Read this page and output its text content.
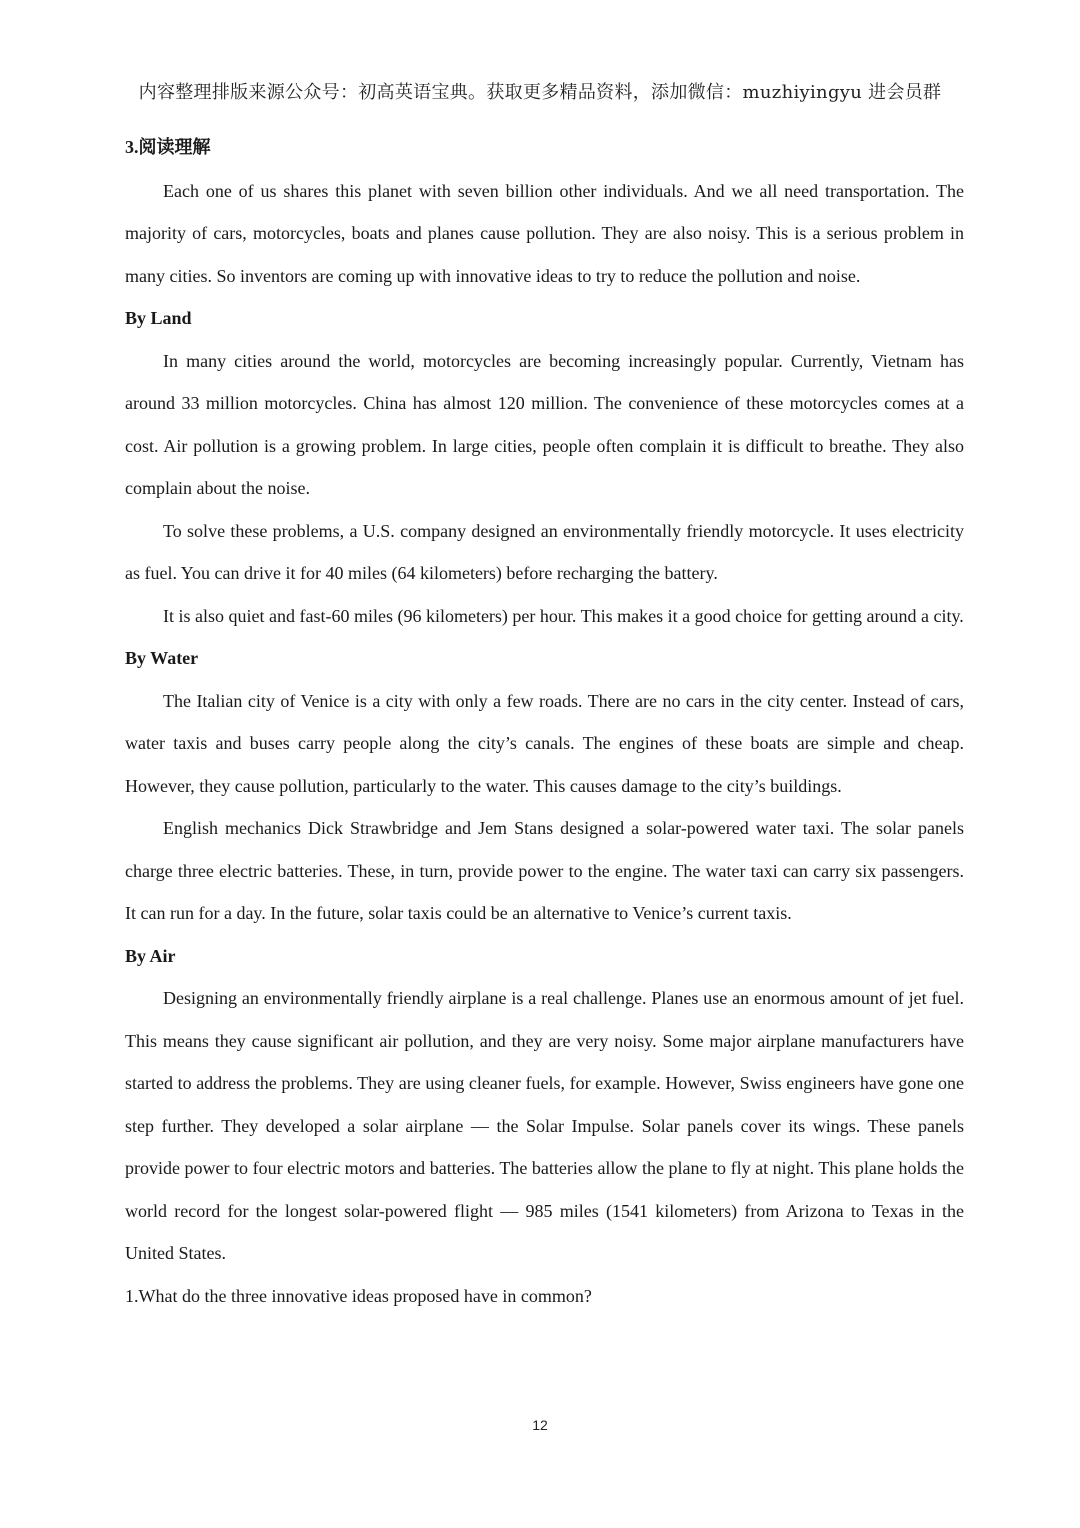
内容整理排版来源公众号：初高英语宝典。获取更多精品资料，添加微信：muzhiyingyu 进会员群

3.阅读理解

Each one of us shares this planet with seven billion other individuals. And we all need transportation. The majority of cars, motorcycles, boats and planes cause pollution. They are also noisy. This is a serious problem in many cities. So inventors are coming up with innovative ideas to try to reduce the pollution and noise.

By Land

In many cities around the world, motorcycles are becoming increasingly popular. Currently, Vietnam has around 33 million motorcycles. China has almost 120 million. The convenience of these motorcycles comes at a cost. Air pollution is a growing problem. In large cities, people often complain it is difficult to breathe. They also complain about the noise.

To solve these problems, a U.S. company designed an environmentally friendly motorcycle. It uses electricity as fuel. You can drive it for 40 miles (64 kilometers) before recharging the battery.

It is also quiet and fast-60 miles (96 kilometers) per hour. This makes it a good choice for getting around a city.

By Water

The Italian city of Venice is a city with only a few roads. There are no cars in the city center. Instead of cars, water taxis and buses carry people along the city’s canals. The engines of these boats are simple and cheap. However, they cause pollution, particularly to the water. This causes damage to the city’s buildings.

English mechanics Dick Strawbridge and Jem Stans designed a solar-powered water taxi. The solar panels charge three electric batteries. These, in turn, provide power to the engine. The water taxi can carry six passengers. It can run for a day. In the future, solar taxis could be an alternative to Venice’s current taxis.

By Air

Designing an environmentally friendly airplane is a real challenge. Planes use an enormous amount of jet fuel. This means they cause significant air pollution, and they are very noisy. Some major airplane manufacturers have started to address the problems. They are using cleaner fuels, for example. However, Swiss engineers have gone one step further. They developed a solar airplane — the Solar Impulse. Solar panels cover its wings. These panels provide power to four electric motors and batteries. The batteries allow the plane to fly at night. This plane holds the world record for the longest solar-powered flight — 985 miles (1541 kilometers) from Arizona to Texas in the United States.

1.What do the three innovative ideas proposed have in common?

12
